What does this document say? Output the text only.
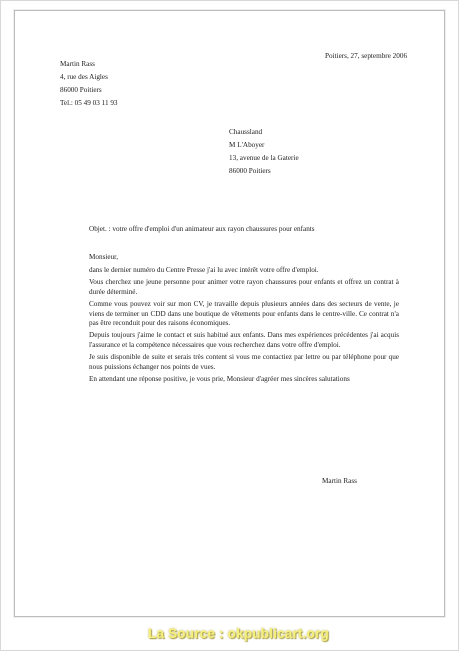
Poitiers, 27, septembre 2006
Martin Rass
4, rue des Aigles
86000 Poitiers
Tel.: 05 49 03 11 93
Chaussland
M L'Aboyer
13, avenue de la Gaterie
86000 Poitiers
Objet. : votre offre d'emploi d'un animateur aux rayon chaussures pour enfants
Monsieur,

dans le dernier numéro du Centre Presse j'ai lu avec intérêt votre offre d'emploi.

Vous cherchez une jeune personne pour animer votre rayon chaussures pour enfants et offrez un contrat à durée déterminé.

Comme vous pouvez voir sur mon CV, je travaille depuis plusieurs années dans des secteurs de vente, je viens de terminer un CDD dans une boutique de vêtements pour enfants dans le centre-ville. Ce contrat n'a pas être reconduit pour des raisons économiques.

Depuis toujours j'aime le contact et suis habitué aux enfants. Dans mes expériences précédentes j'ai acquis l'assurance et la compétence nécessaires que vous recherchez dans votre offre d'emploi.

Je suis disponible de suite et serais très content si vous me contactiez par lettre ou par téléphone pour que nous puissions échanger nos points de vues.

En attendant une réponse positive, je vous prie, Monsieur d'agréer mes sincères salutations

Martin Rass
La Source : okpublicart.org
